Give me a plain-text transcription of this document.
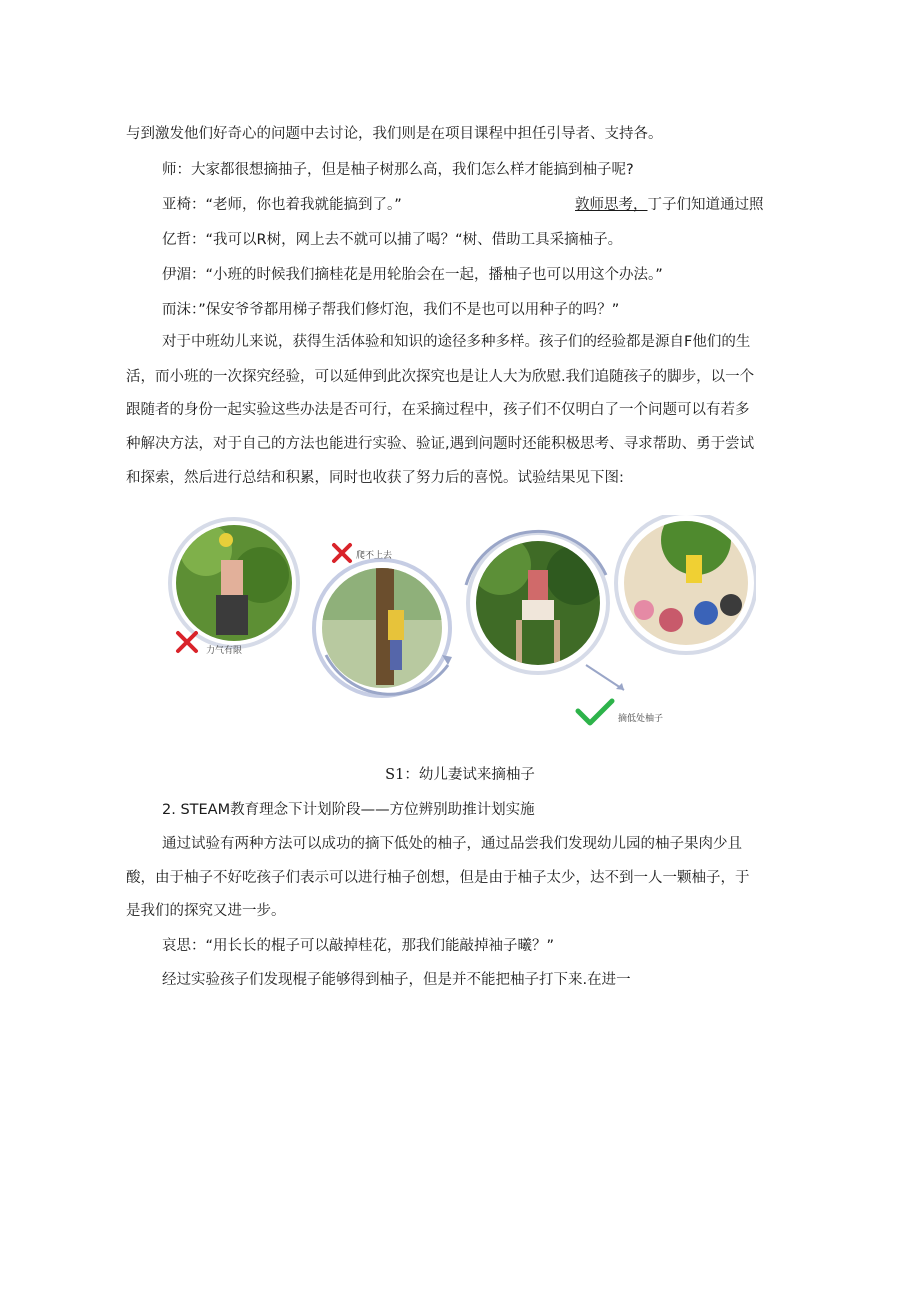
与到激发他们好奇心的问题中去讨论，我们则是在项目课程中担任引导者、支持各。
师：大家都很想摘抽子，但是柚子树那么高，我们怎么样才能搞到柚子呢?
亚椅：“老师，你也着我就能搞到了。”	敦师思考，丁子们知道通过照
亿哲：“我可以R树，网上去不就可以捕了喝？“树、借助工具采摘柚子。
伊湄：“小班的时候我们摘桂花是用轮胎会在一起，播柚子也可以用这个办法。”
而沫：”保安爷爷都用梯子帮我们修灯泡，我们不是也可以用种子的吗？”
对于中班幼儿来说，获得生活体验和知识的途径多种多样。孩子们的经验都是源自F他们的生
活，而小班的一次探究经验，可以延伸到此次探究也是让人大为欣慰.我们追随孩子的脚步，以一个
跟随者的身份一起实验这些办法是否可行，在采摘过程中，孩子们不仅明白了一个问题可以有若多
种解决方法，对于自己的方法也能进行实验、验证,遇到问题时还能积极思考、寻求帮助、勇于尝试
和探索，然后进行总结和积累，同时也收获了努力后的喜悦。试验结果见下图:
力气有限
爬不上去
摘低处柚子
S1：幼儿妻试来摘柚子
2. STEAM教育理念下计划阶段——方位辨别助推计划实施
通过试验有两种方法可以成功的摘下低处的柚子，通过品尝我们发现幼儿园的柚子果肉少且
酸，由于柚子不好吃孩子们表示可以进行柚子创想，但是由于柚子太少，达不到一人一颗柚子，于
是我们的探究又进一步。
哀思：“用长长的棍子可以敲掉桂花，那我们能敲掉袖子曦？”
经过实验孩子们发现棍子能够得到柚子，但是并不能把柚子打下来.在进一
